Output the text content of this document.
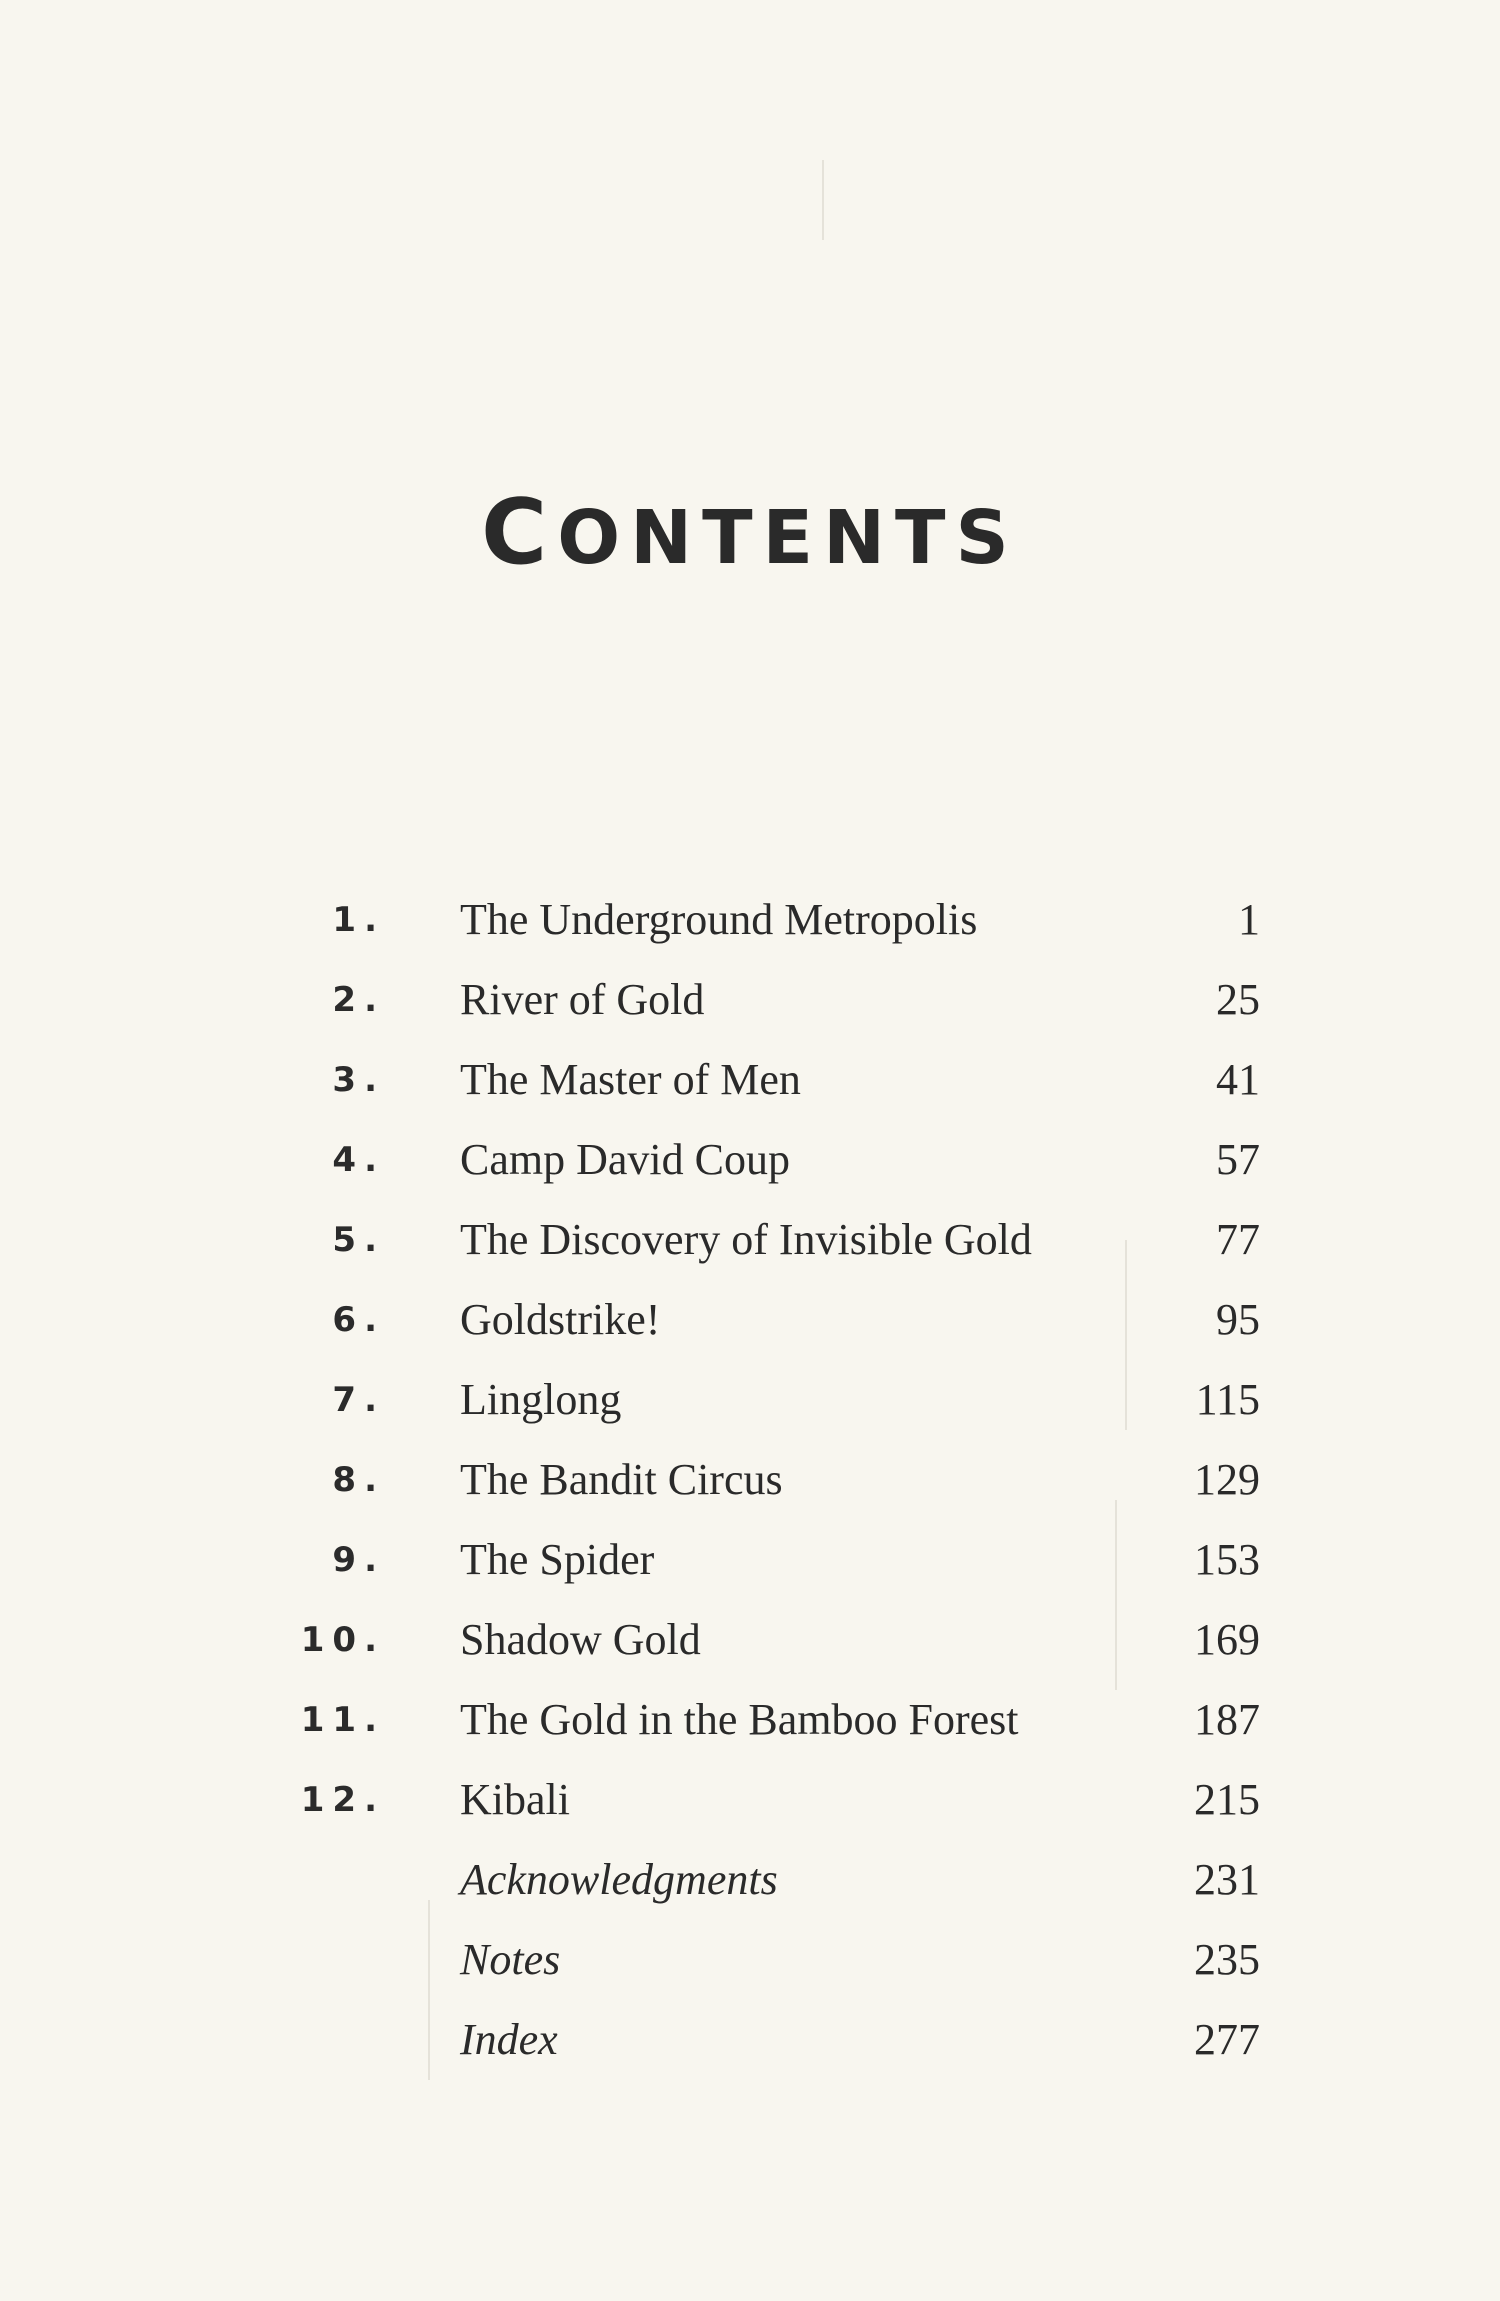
CONTENTS
1. The Underground Metropolis	1
2. River of Gold	25
3. The Master of Men	41
4. Camp David Coup	57
5. The Discovery of Invisible Gold	77
6. Goldstrike!	95
7. Linglong	115
8. The Bandit Circus	129
9. The Spider	153
10. Shadow Gold	169
11. The Gold in the Bamboo Forest	187
12. Kibali	215
Acknowledgments	231
Notes	235
Index	277
